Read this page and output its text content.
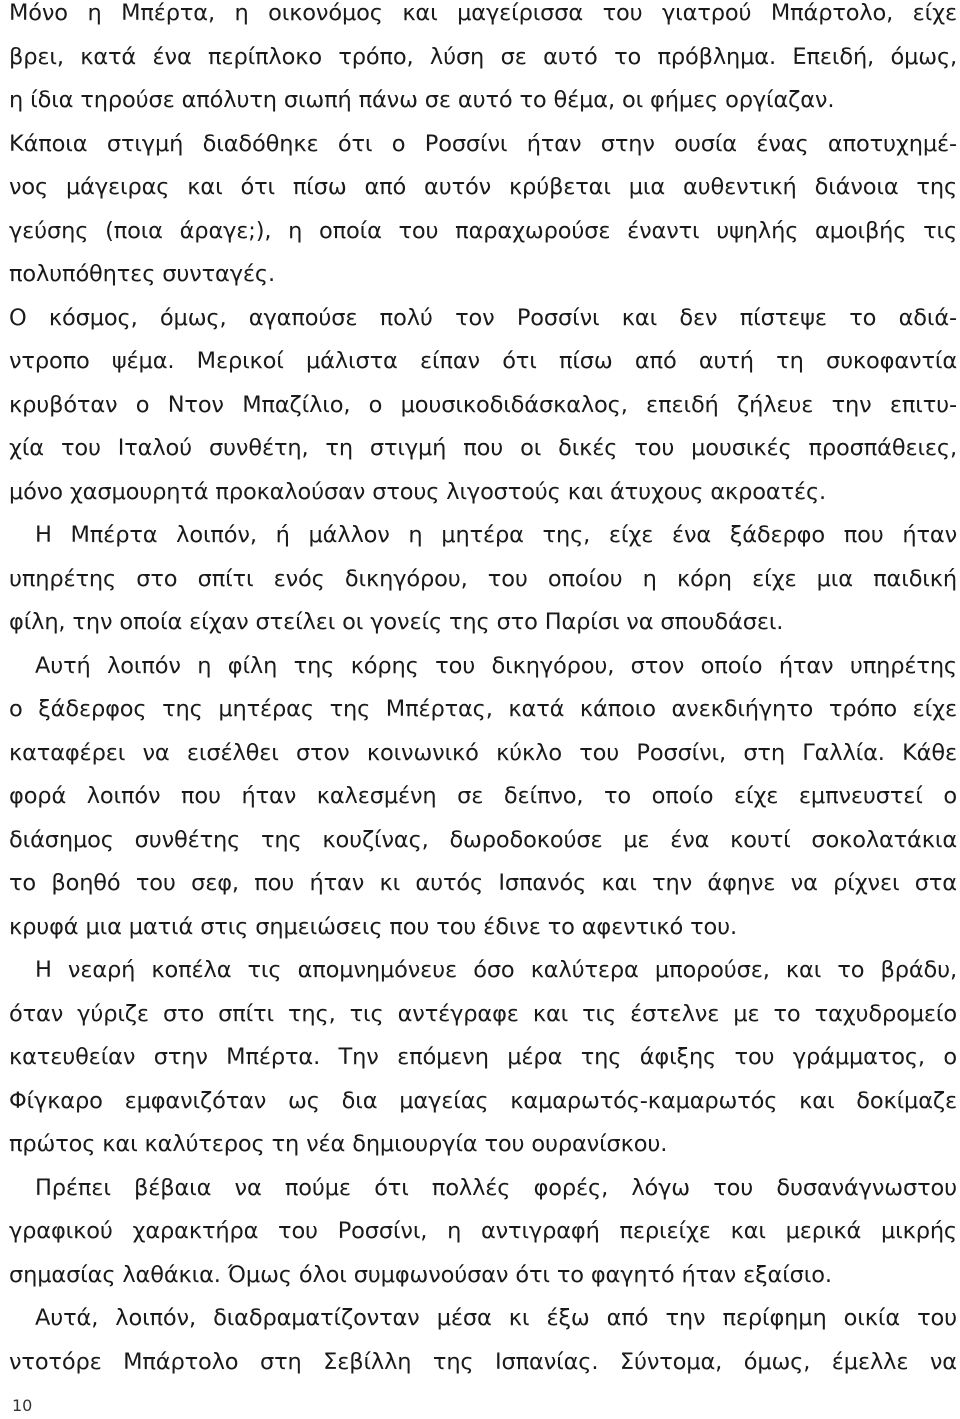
Μόνο η Μπέρτα, η οικονόμος και μαγείρισσα του γιατρού Μπάρτολο, είχε
βρει, κατά ένα περίπλοκο τρόπο, λύση σε αυτό το πρόβλημα. Επειδή, όμως,
η ίδια τηρούσε απόλυτη σιωπή πάνω σε αυτό το θέμα, οι φήμες οργίαζαν.
Κάποια στιγμή διαδόθηκε ότι ο Ροσσίνι ήταν στην ουσία ένας αποτυχημέ-
νος μάγειρας και ότι πίσω από αυτόν κρύβεται μια αυθεντική διάνοια της
γεύσης (ποια άραγε;), η οποία του παραχωρούσε έναντι υψηλής αμοιβής τις
πολυπόθητες συνταγές.
Ο κόσμος, όμως, αγαπούσε πολύ τον Ροσσίνι και δεν πίστεψε το αδιά-
ντροπο ψέμα. Μερικοί μάλιστα είπαν ότι πίσω από αυτή τη συκοφαντία
κρυβόταν ο Ντον Μπαζίλιο, ο μουσικοδιδάσκαλος, επειδή ζήλευε την επιτυ-
χία του Ιταλού συνθέτη, τη στιγμή που οι δικές του μουσικές προσπάθειες,
μόνο χασμουρητά προκαλούσαν στους λιγοστούς και άτυχους ακροατές.
Η Μπέρτα λοιπόν, ή μάλλον η μητέρα της, είχε ένα ξάδερφο που ήταν
υπηρέτης στο σπίτι ενός δικηγόρου, του οποίου η κόρη είχε μια παιδική
φίλη, την οποία είχαν στείλει οι γονείς της στο Παρίσι να σπουδάσει.
Αυτή λοιπόν η φίλη της κόρης του δικηγόρου, στον οποίο ήταν υπηρέτης
ο ξάδερφος της μητέρας της Μπέρτας, κατά κάποιο ανεκδιήγητο τρόπο είχε
καταφέρει να εισέλθει στον κοινωνικό κύκλο του Ροσσίνι, στη Γαλλία. Κάθε
φορά λοιπόν που ήταν καλεσμένη σε δείπνο, το οποίο είχε εμπνευστεί ο
διάσημος συνθέτης της κουζίνας, δωροδοκούσε με ένα κουτί σοκολατάκια
το βοηθό του σεφ, που ήταν κι αυτός Ισπανός και την άφηνε να ρίχνει στα
κρυφά μια ματιά στις σημειώσεις που του έδινε το αφεντικό του.
Η νεαρή κοπέλα τις απομνημόνευε όσο καλύτερα μπορούσε, και το βράδυ,
όταν γύριζε στο σπίτι της, τις αντέγραφε και τις έστελνε με το ταχυδρομείο
κατευθείαν στην Μπέρτα. Την επόμενη μέρα της άφιξης του γράμματος, ο
Φίγκαρο εμφανιζόταν ως δια μαγείας καμαρωτός-καμαρωτός και δοκίμαζε
πρώτος και καλύτερος τη νέα δημιουργία του ουρανίσκου.
Πρέπει βέβαια να πούμε ότι πολλές φορές, λόγω του δυσανάγνωστου
γραφικού χαρακτήρα του Ροσσίνι, η αντιγραφή περιείχε και μερικά μικρής
σημασίας λαθάκια. Όμως όλοι συμφωνούσαν ότι το φαγητό ήταν εξαίσιο.
Αυτά, λοιπόν, διαδραματίζονταν μέσα κι έξω από την περίφημη οικία του
ντοτόρε Μπάρτολο στη Σεβίλλη της Ισπανίας. Σύντομα, όμως, έμελλε να
10
